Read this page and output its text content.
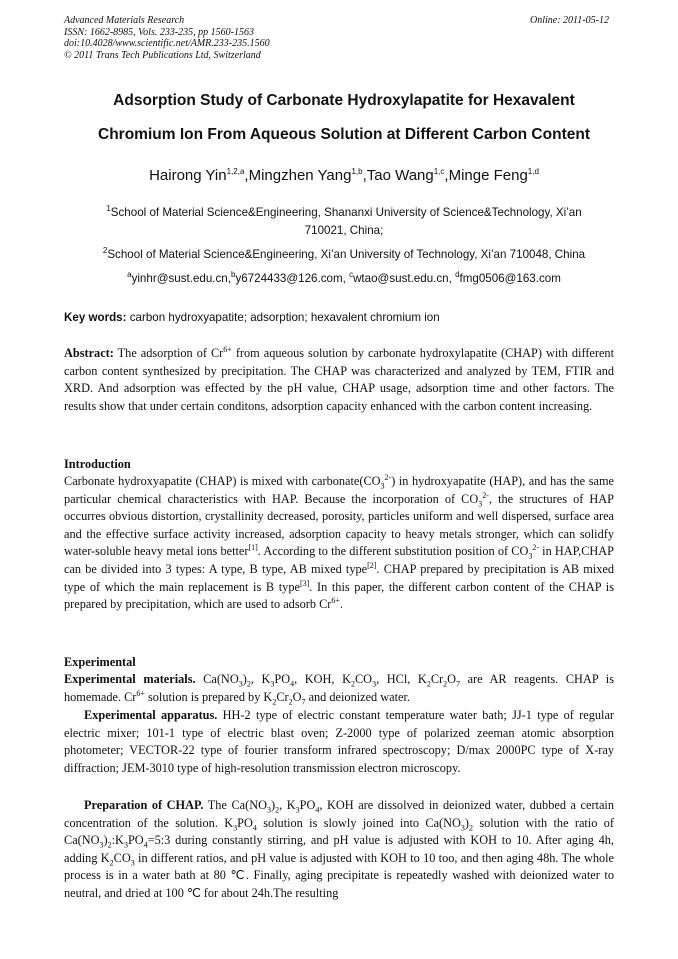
Advanced Materials Research
ISSN: 1662-8985, Vols. 233-235, pp 1560-1563
doi:10.4028/www.scientific.net/AMR.233-235.1560
© 2011 Trans Tech Publications Ltd, Switzerland
Online: 2011-05-12
Adsorption Study of Carbonate Hydroxylapatite for Hexavalent
Chromium Ion From Aqueous Solution at Different Carbon Content
Hairong Yin$^{1,2,a}$,Mingzhen Yang$^{1,b}$,Tao Wang$^{1,c}$,Minge Feng$^{1,d}$
$^1$School of Material Science&Engineering, Shananxi University of Science&Technology, Xi’an
710021, China;
$^2$School of Material Science&Engineering, Xi’an University of Technology, Xi’an 710048, China
$^a$yinhr@sust.edu.cn,$^b$y6724433@126.com, $^c$wtao@sust.edu.cn, $^d$fmg0506@163.com
Key words: carbon hydroxyapatite; adsorption; hexavalent chromium ion
Abstract: The adsorption of $Cr^{6+}$ from aqueous solution by carbonate hydroxylapatite (CHAP) with different carbon content synthesized by precipitation. The CHAP was characterized and analyzed by TEM, FTIR and XRD. And adsorption was effected by the pH value, CHAP usage, adsorption time and other factors. The results show that under certain conditons, adsorption capacity enhanced with the carbon content increasing.
Introduction
Carbonate hydroxyapatite (CHAP) is mixed with $carbonate(CO_3^{2-})$ in hydroxyapatite (HAP), and has the same particular chemical characteristics with HAP. Because the incorporation of $CO_3^{2-}$, the structures of HAP occurres obvious distortion, crystallinity decreased, porosity, particles uniform and well dispersed, surface area and the effective surface activity increased, adsorption capacity to heavy metals stronger, which can solidfy water-soluble heavy metal ions better[1]. According to the different substitution position of $CO_3^{2-}$ in HAP,CHAP can be divided into 3 types: A type, B type, AB mixed type[2]. CHAP prepared by precipitation is AB mixed type of which the main replacement is B type[3]. In this paper, the different carbon content of the CHAP is prepared by precipitation, which are used to adsorb $Cr^{6+}$.
Experimental
Experimental materials. $Ca(NO_3)_2$, $K_3PO_4$, KOH, $K_2CO_3$, HCl, $K_2Cr_2O_7$ are AR reagents. CHAP is homemade. $Cr^{6+}$ solution is prepared by $K_2Cr_2O_7$ and deionized water.
Experimental apparatus. HH-2 type of electric constant temperature water bath; JJ-1 type of regular electric mixer; 101-1 type of electric blast oven; Z-2000 type of polarized zeeman atomic absorption photometer; VECTOR-22 type of fourier transform infrared spectroscopy; D/max 2000PC type of X-ray diffraction; JEM-3010 type of high-resolution transmission electron microscopy.
Preparation of CHAP. The $Ca(NO_3)_2$, $K_3PO_4$, KOH are dissolved in deionized water, dubbed a certain concentration of the solution. $K_3PO_4$ solution is slowly joined into $Ca(NO_3)_2$ solution with the ratio of $Ca(NO_3)_2:K_3PO_4=5:3$ during constantly stirring, and pH value is adjusted with KOH to 10. After aging 4h, adding $K_2CO_3$ in different ratios, and pH value is adjusted with KOH to 10 too, and then aging 48h. The whole process is in a water bath at 80 ℃. Finally, aging precipitate is repeatedly washed with deionized water to neutral, and dried at 100 ℃ for about 24h.The resulting
